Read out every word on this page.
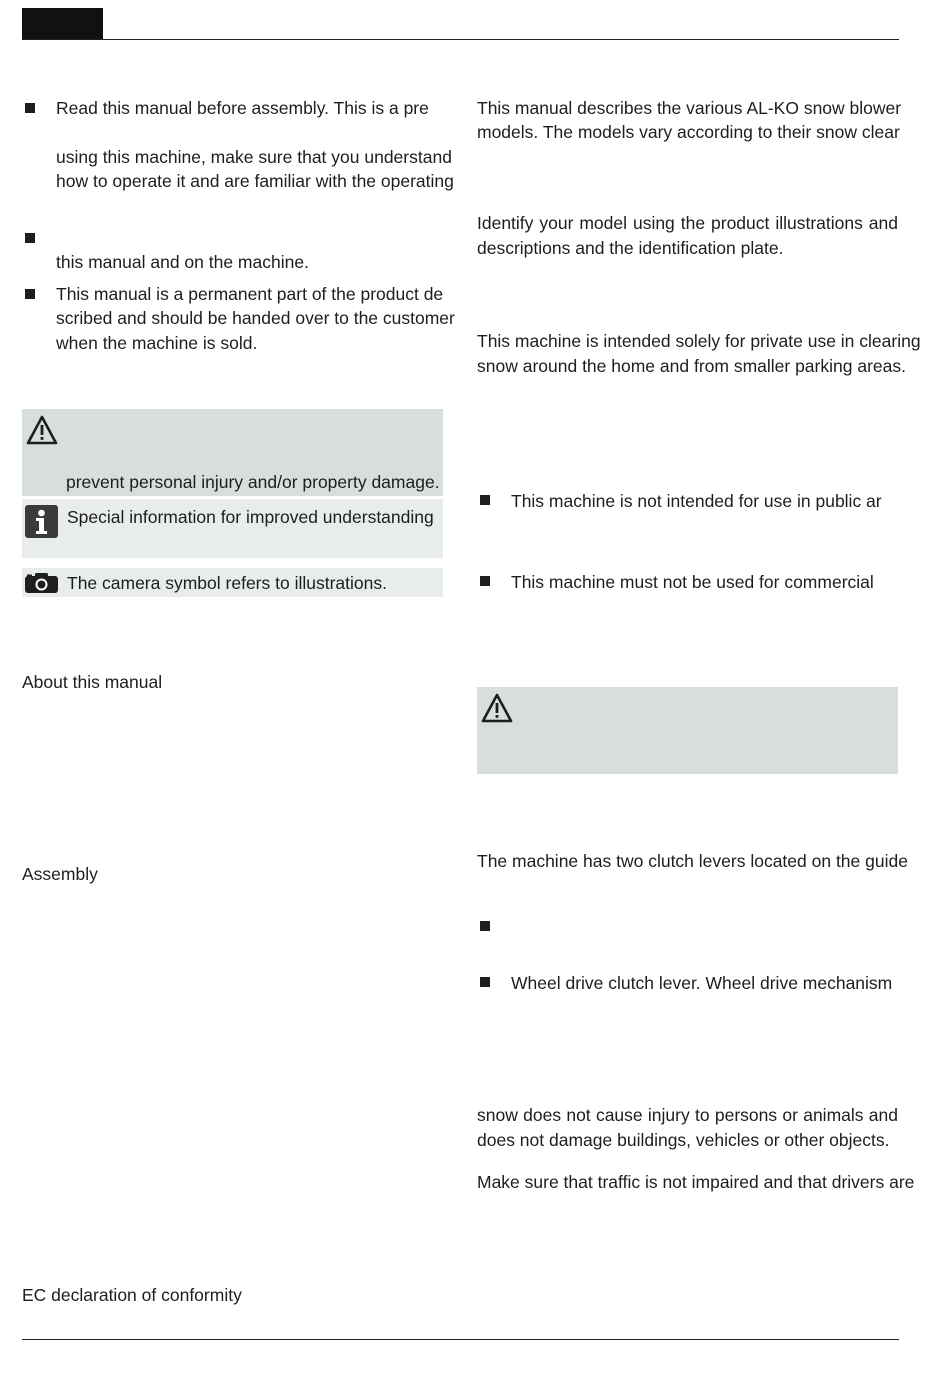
Read this manual before assembly. This is a pre
using this machine, make sure that you understand
how to operate it and are familiar with the operating
this manual and on the machine.
This manual is a permanent part of the product de
scribed and should be handed over to the customer
when the machine is sold.
prevent personal injury and/or property damage.
Special information for improved understanding
The camera symbol refers to illustrations.
About this manual
Assembly
EC declaration of conformity
This manual describes the various AL-KO snow blower
models. The models vary according to their snow clear
Identify your model using the product illustrations and
descriptions and the identification plate.
This machine is intended solely for private use in clearing
snow around the home and from smaller parking areas.
This machine is not intended for use in public ar
This machine must not be used for commercial
The machine has two clutch levers located on the guide
Wheel drive clutch lever. Wheel drive mechanism
snow does not cause injury to persons or animals and
does not damage buildings, vehicles or other objects.
Make sure that traffic is not impaired and that drivers are
